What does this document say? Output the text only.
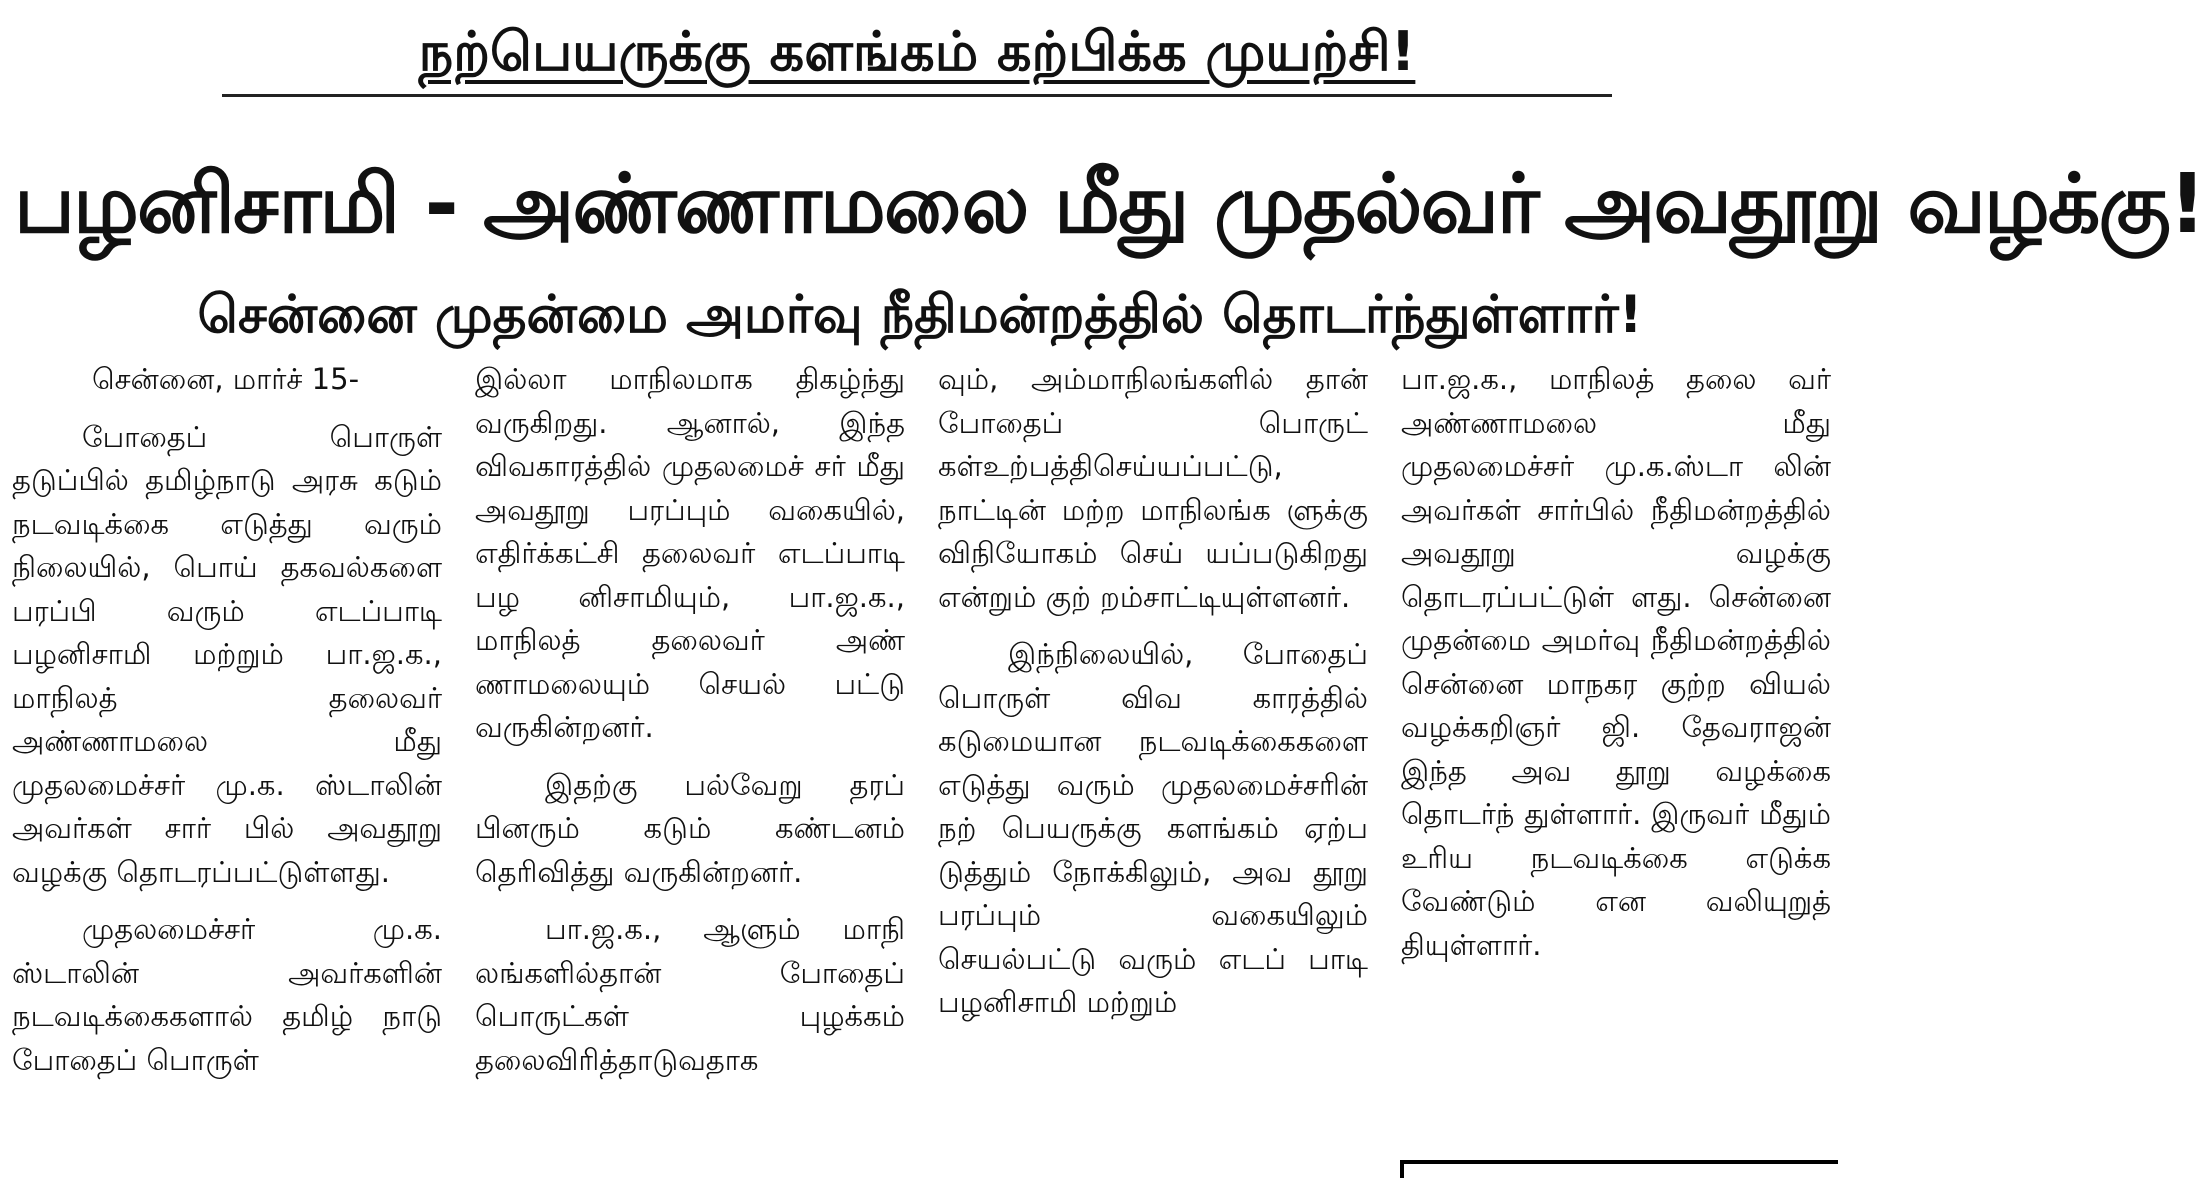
நற்பெயருக்கு களங்கம் கற்பிக்க முயற்சி!
பழனிசாமி - அண்ணாமலை மீது முதல்வர் அவதூறு வழக்கு!
சென்னை முதன்மை அமர்வு நீதிமன்றத்தில் தொடர்ந்துள்ளார்!

சென்னை, மார்ச் 15-

போதைப் பொருள் தடுப்பில் தமிழ்நாடு அரசு கடும் நடவடிக்கை எடுத்து வரும் நிலையில், பொய் தகவல்களை பரப்பி வரும் எடப்பாடி பழனிசாமி மற்றும் பா.ஜ.க., மாநிலத் தலைவர் அண்ணாமலை மீது முதலமைச்சர் மு.க. ஸ்டாலின் அவர்கள் சார் பில் அவதூறு வழக்கு தொடரப்பட்டுள்ளது.

முதலமைச்சர் மு.க. ஸ்டாலின் அவர்களின் நடவடிக்கைகளால் தமிழ் நாடு போதைப் பொருள்

இல்லா மாநிலமாக திகழ்ந்து வருகிறது. ஆனால், இந்த விவகாரத்தில் முதலமைச் சர் மீது அவதூறு பரப்பும் வகையில், எதிர்க்கட்சி தலைவர் எடப்பாடி பழ னிசாமியும், பா.ஜ.க., மாநிலத் தலைவர் அண் ணாமலையும் செயல் பட்டு வருகின்றனர்.

இதற்கு பல்வேறு தரப் பினரும் கடும் கண்டனம் தெரிவித்து வருகின்றனர்.

பா.ஜ.க., ஆளும் மாநி லங்களில்தான் போதைப் பொருட்கள் புழக்கம் தலைவிரித்தாடுவதாக

வும், அம்மாநிலங்களில் தான் போதைப் பொருட் கள்உற்பத்திசெய்யப்பட்டு, நாட்டின் மற்ற மாநிலங்க ளுக்கு விநியோகம் செய் யப்படுகிறது என்றும் குற் றம்சாட்டியுள்ளனர்.

இந்நிலையில், போதைப் பொருள் விவ காரத்தில் கடுமையான நடவடிக்கைகளை எடுத்து வரும் முதலமைச்சரின் நற் பெயருக்கு களங்கம் ஏற்ப டுத்தும் நோக்கிலும், அவ தூறு பரப்பும் வகையிலும் செயல்பட்டு வரும் எடப் பாடி பழனிசாமி மற்றும்

பா.ஜ.க., மாநிலத் தலை வர் அண்ணாமலை மீது முதலமைச்சர் மு.க.ஸ்டா லின் அவர்கள் சார்பில் நீதிமன்றத்தில் அவதூறு வழக்கு தொடரப்பட்டுள் ளது. சென்னை முதன்மை அமர்வு நீதிமன்றத்தில் சென்னை மாநகர குற்ற வியல் வழக்கறிஞர் ஜி. தேவராஜன் இந்த அவ தூறு வழக்கை தொடர்ந் துள்ளார். இருவர் மீதும் உரிய நடவடிக்கை எடுக்க வேண்டும் என வலியுறுத் தியுள்ளார்.
